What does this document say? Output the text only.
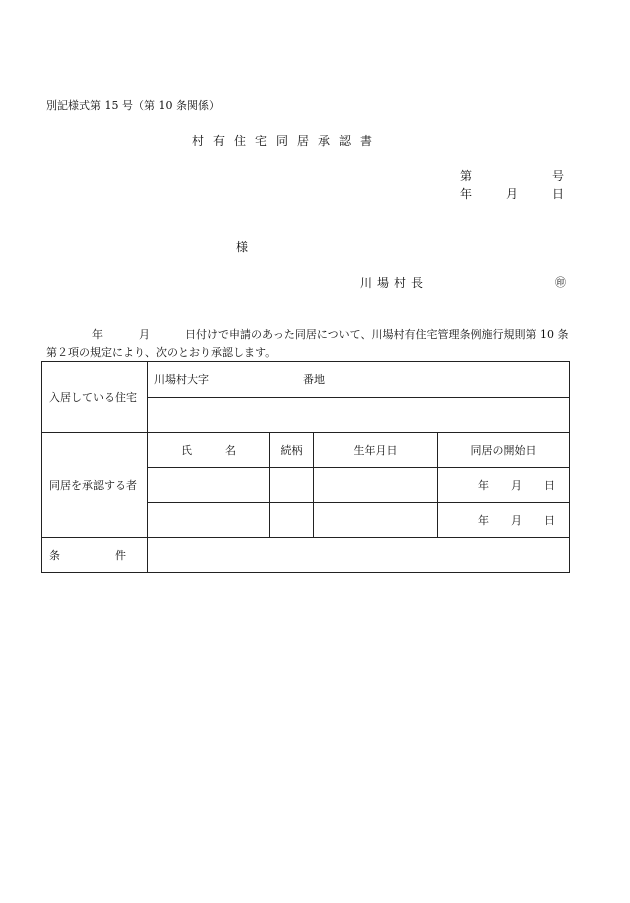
別記様式第 15 号（第 10 条関係）
村有住宅同居承認書
第	号
年	月	日
様
川場村長	㊞
年	月	日付けで申請のあった同居について、川場村有住宅管理条例施行規則第 10 条
第２項の規定により、次のとおり承認します。
入居している住宅	川場村大字 番地			

同居を承認する者	氏　　　名	続柄	生年月日	同居の開始日
				年 月 日
				年 月 日
条　　　　　件				
